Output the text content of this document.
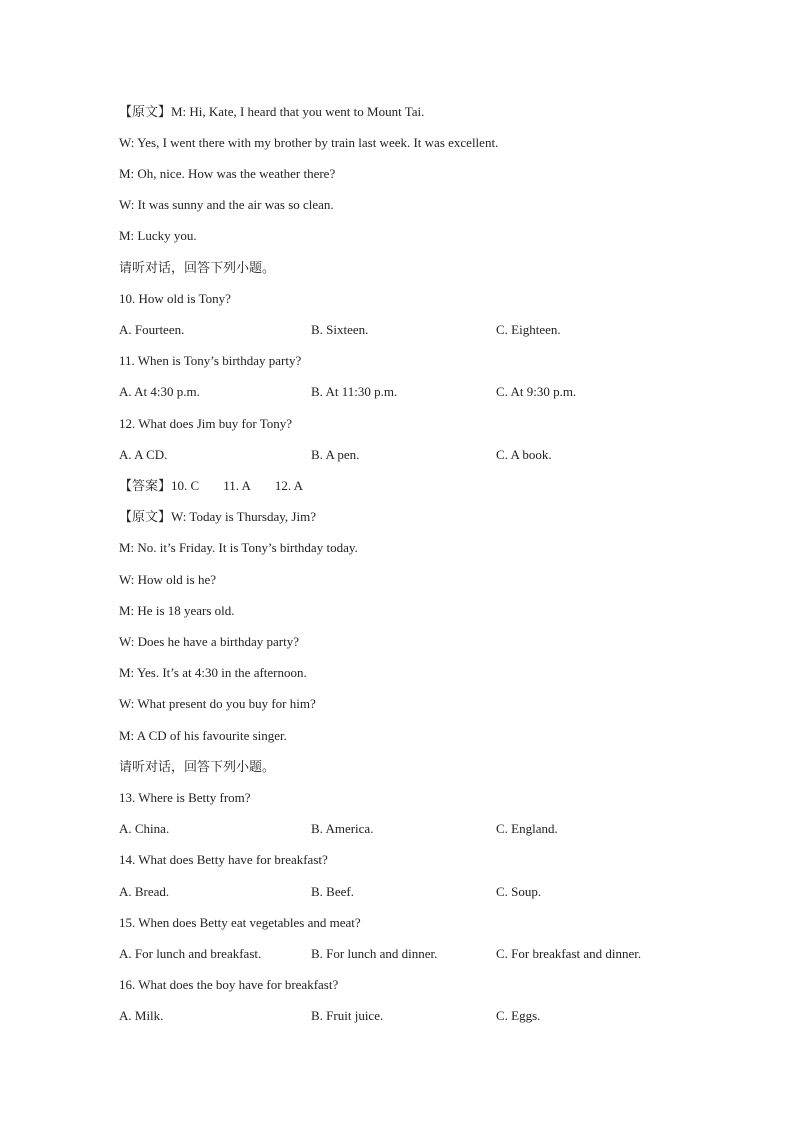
【原文】M: Hi, Kate, I heard that you went to Mount Tai.
W: Yes, I went there with my brother by train last week. It was excellent.
M: Oh, nice. How was the weather there?
W: It was sunny and the air was so clean.
M: Lucky you.
请听对话，回答下列小题。
10. How old is Tony?
A. Fourteen.	B. Sixteen.	C. Eighteen.
11. When is Tony’s birthday party?
A. At 4:30 p.m.	B. At 11:30 p.m.	C. At 9:30 p.m.
12. What does Jim buy for Tony?
A. A CD.	B. A pen.	C. A book.
【答案】10. C 11. A 12. A
【原文】W: Today is Thursday, Jim?
M: No. it’s Friday. It is Tony’s birthday today.
W: How old is he?
M: He is 18 years old.
W: Does he have a birthday party?
M: Yes. It’s at 4:30 in the afternoon.
W: What present do you buy for him?
M: A CD of his favourite singer.
请听对话，回答下列小题。
13. Where is Betty from?
A. China.	B. America.	C. England.
14. What does Betty have for breakfast?
A. Bread.	B. Beef.	C. Soup.
15. When does Betty eat vegetables and meat?
A. For lunch and breakfast.	B. For lunch and dinner.	C. For breakfast and dinner.
16. What does the boy have for breakfast?
A. Milk.	B. Fruit juice.	C. Eggs.
